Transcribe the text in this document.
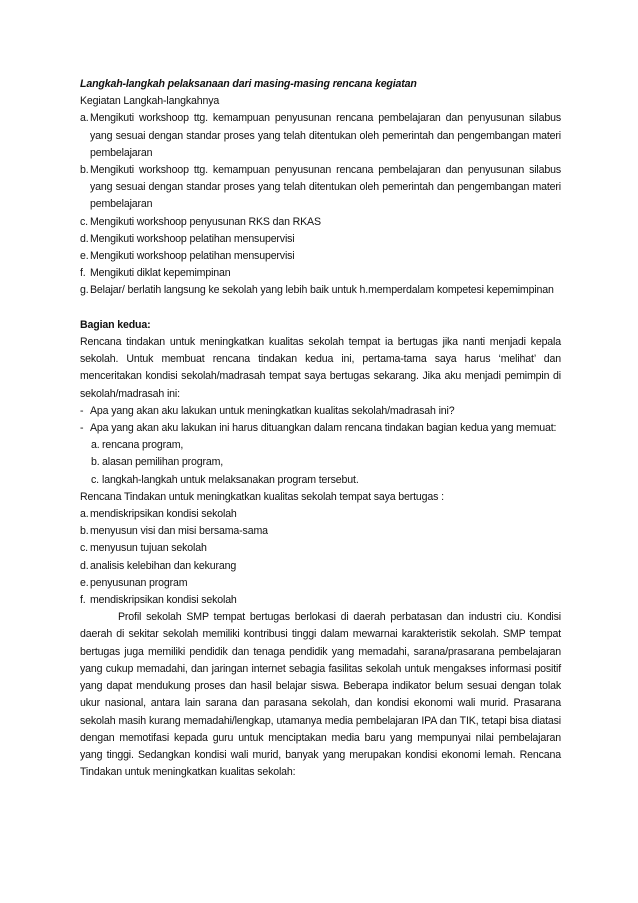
Langkah-langkah pelaksanaan dari masing-masing rencana kegiatan

Kegiatan Langkah-langkahnya

a. Mengikuti workshoop ttg. kemampuan penyusunan rencana pembelajaran dan penyusunan silabus yang sesuai dengan standar proses yang telah ditentukan oleh pemerintah dan pengembangan materi pembelajaran
b. Mengikuti workshoop ttg. kemampuan penyusunan rencana pembelajaran dan penyusunan silabus yang sesuai dengan standar proses yang telah ditentukan oleh pemerintah dan pengembangan materi pembelajaran
c. Mengikuti workshoop penyusunan RKS dan RKAS
d. Mengikuti workshoop pelatihan mensupervisi
e. Mengikuti workshoop pelatihan mensupervisi
f. Mengikuti diklat kepemimpinan
g. Belajar/ berlatih langsung ke sekolah yang lebih baik untuk h.memperdalam kompetesi kepemimpinan

Bagian kedua:

Rencana tindakan untuk meningkatkan kualitas sekolah tempat ia bertugas jika nanti menjadi kepala sekolah. Untuk membuat rencana tindakan kedua ini, pertama-tama saya harus ‘melihat’ dan menceritakan kondisi sekolah/madrasah tempat saya bertugas sekarang. Jika aku menjadi pemimpin di sekolah/madrasah ini:

- Apa yang akan aku lakukan untuk meningkatkan kualitas sekolah/madrasah ini?
- Apa yang akan aku lakukan ini harus dituangkan dalam rencana tindakan bagian kedua yang memuat:
a. rencana program,
b. alasan pemilihan program,
c. langkah-langkah untuk melaksanakan program tersebut.

Rencana Tindakan untuk meningkatkan kualitas sekolah tempat saya bertugas :

a. mendiskripsikan kondisi sekolah
b. menyusun visi dan misi bersama-sama
c. menyusun tujuan sekolah
d. analisis kelebihan dan kekurang
e. penyusunan program
f. mendiskripsikan kondisi sekolah

Profil sekolah SMP tempat bertugas berlokasi di daerah perbatasan dan industri ciu. Kondisi daerah di sekitar sekolah memiliki kontribusi tinggi dalam mewarnai karakteristik sekolah. SMP tempat bertugas juga memiliki pendidik dan tenaga pendidik yang memadahi, sarana/prasarana pembelajaran yang cukup memadahi, dan jaringan internet sebagia fasilitas sekolah untuk mengakses informasi positif yang dapat mendukung proses dan hasil belajar siswa. Beberapa indikator belum sesuai dengan tolak ukur nasional, antara lain sarana dan parasana sekolah, dan kondisi ekonomi wali murid. Prasarana sekolah masih kurang memadahi/lengkap, utamanya media pembelajaran IPA dan TIK, tetapi bisa diatasi dengan memotifasi kepada guru untuk menciptakan media baru yang mempunyai nilai pembelajaran yang tinggi. Sedangkan kondisi wali murid, banyak yang merupakan kondisi ekonomi lemah. Rencana Tindakan untuk meningkatkan kualitas sekolah:
